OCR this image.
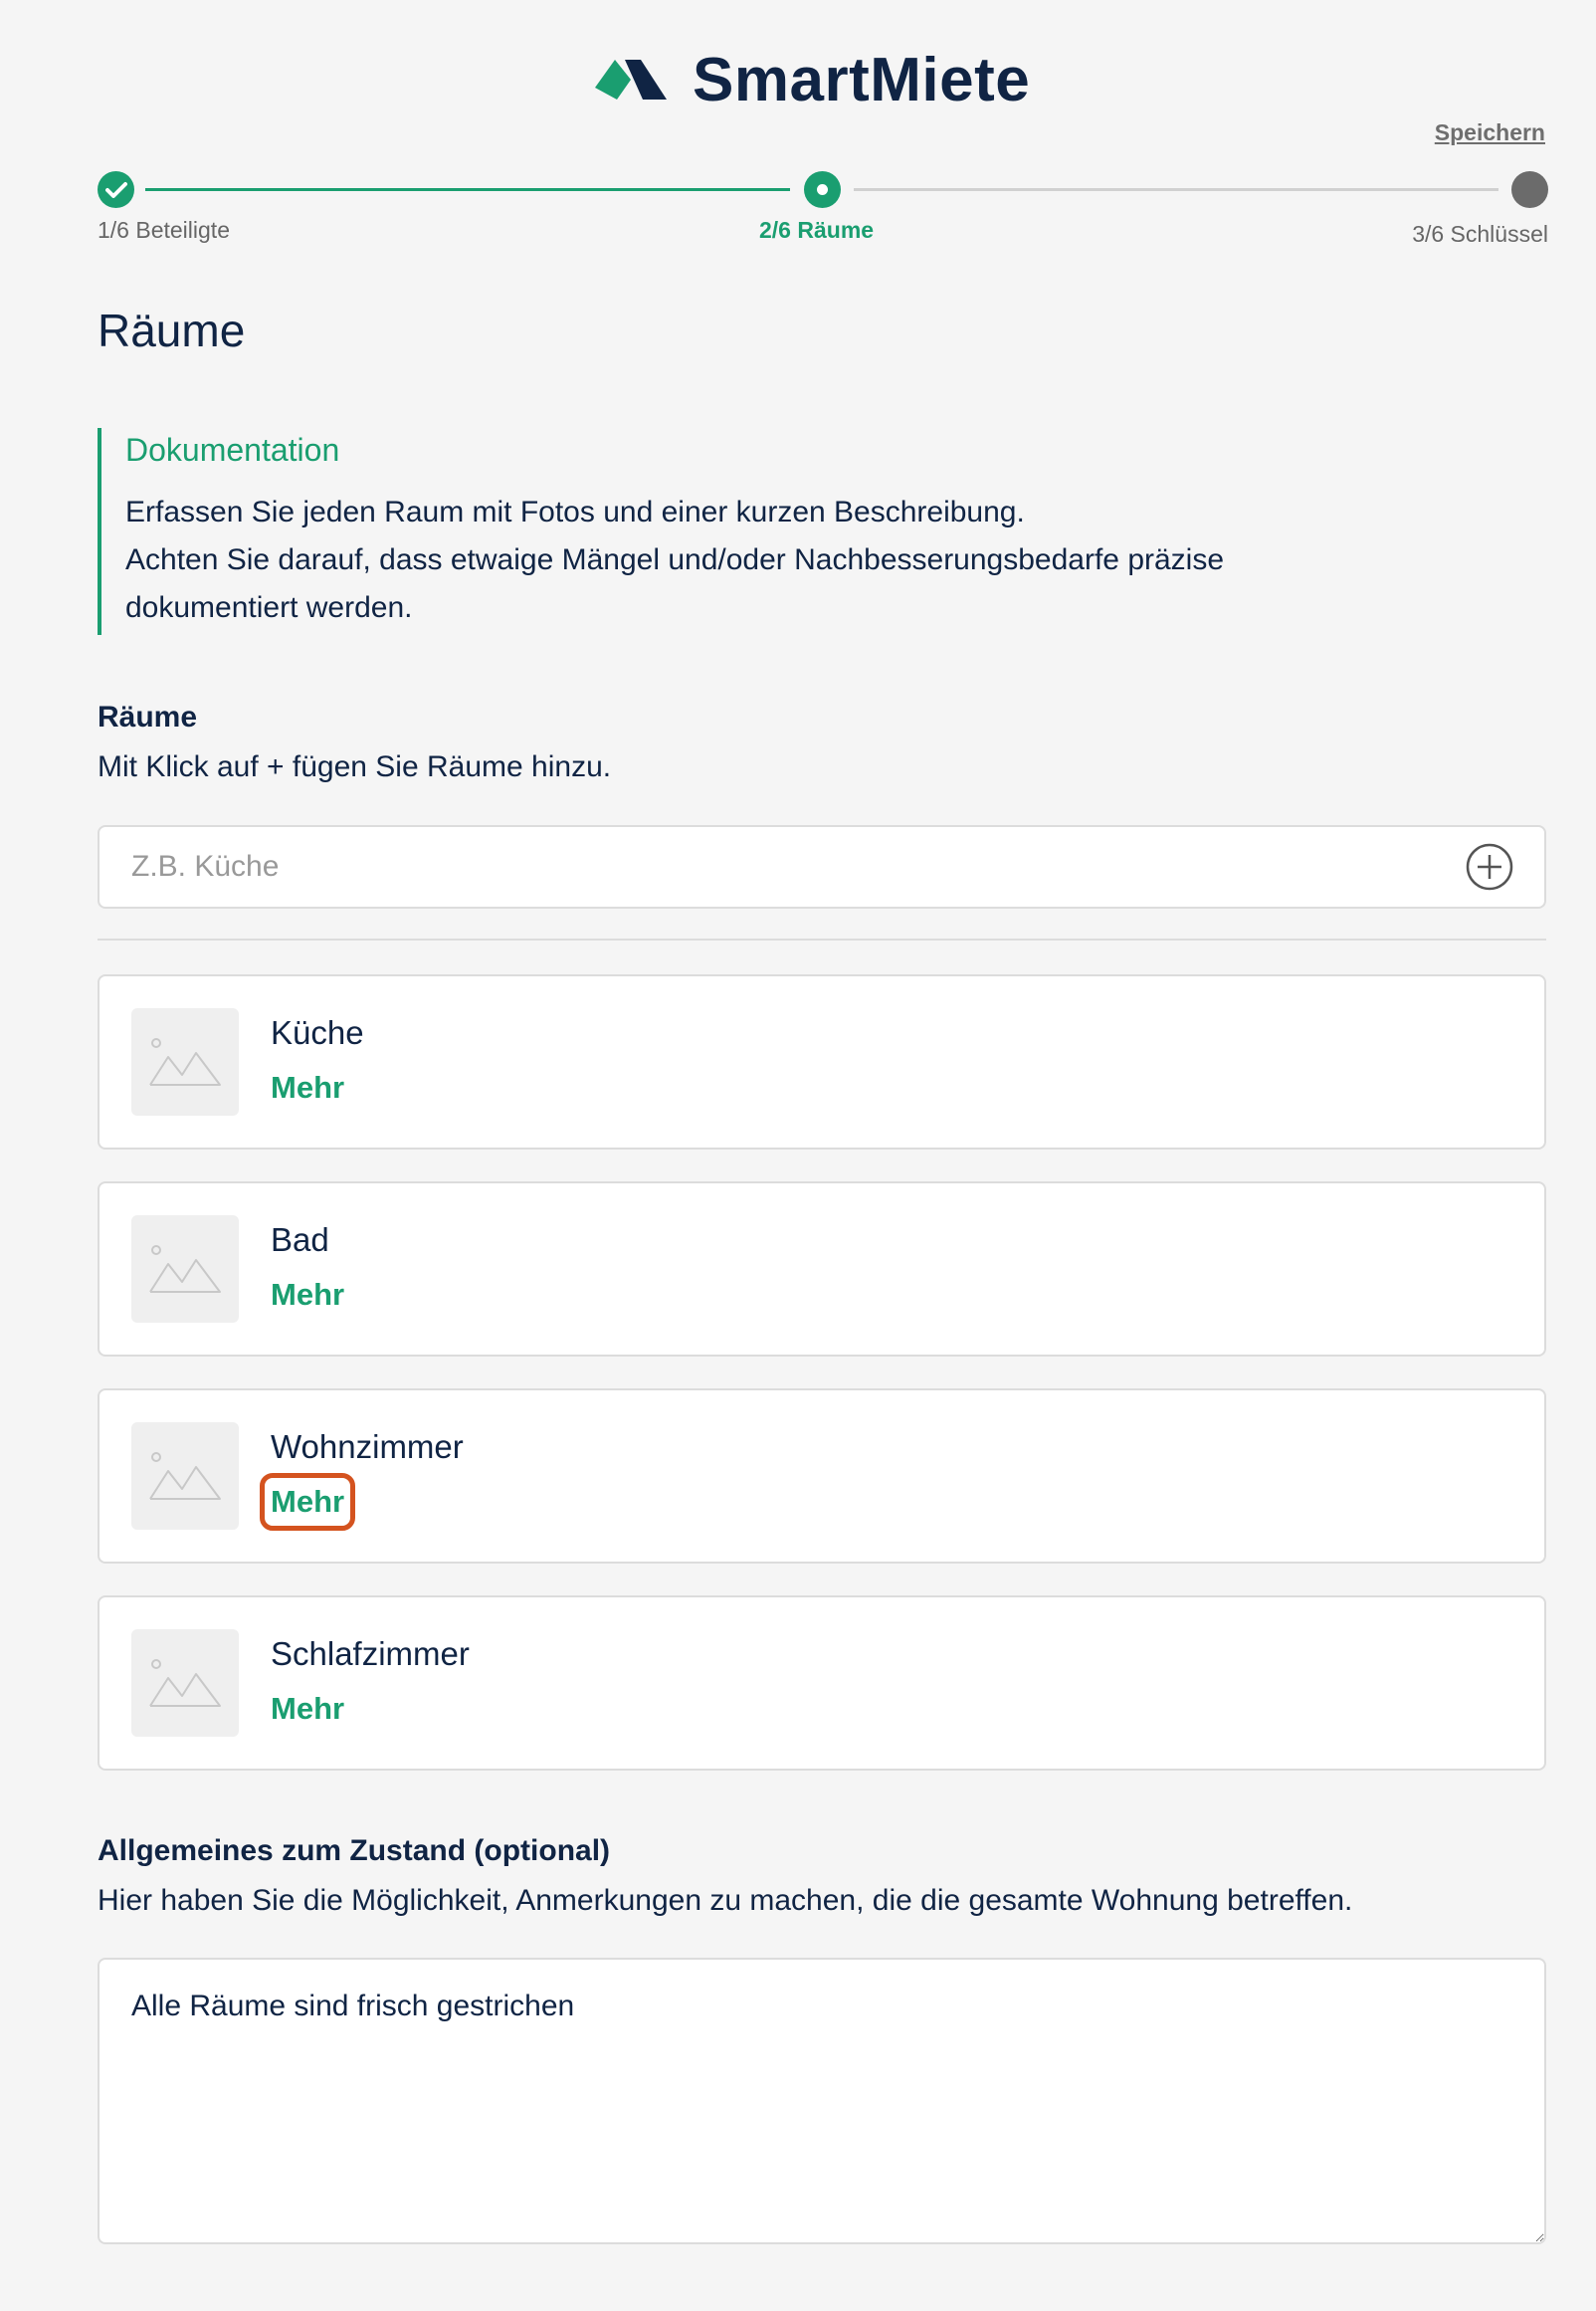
SmartMiete
Speichern
1/6 Beteiligte	2/6 Räume	3/6 Schlüssel
Räume
Dokumentation
Erfassen Sie jeden Raum mit Fotos und einer kurzen Beschreibung.
Achten Sie darauf, dass etwaige Mängel und/oder Nachbesserungsbedarfe präzise
dokumentiert werden.
Räume
Mit Klick auf + fügen Sie Räume hinzu.
Z.B. Küche
Küche
Mehr
Bad
Mehr
Wohnzimmer
Mehr
Schlafzimmer
Mehr
Allgemeines zum Zustand (optional)
Hier haben Sie die Möglichkeit, Anmerkungen zu machen, die die gesamte Wohnung betreffen.
Alle Räume sind frisch gestrichen
